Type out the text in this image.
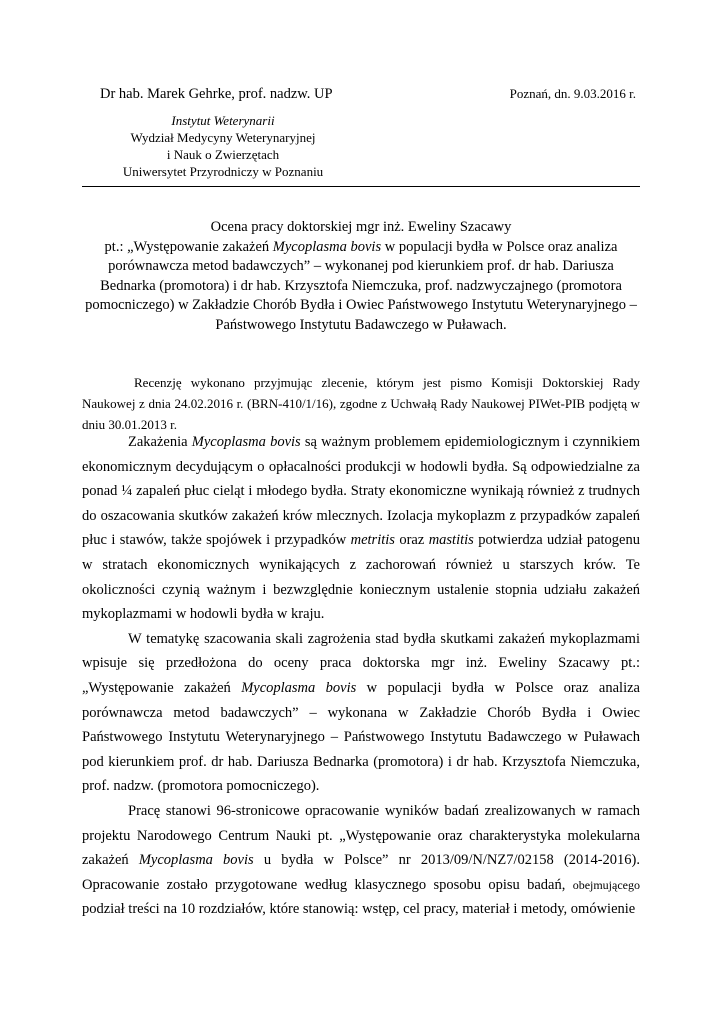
Dr hab. Marek Gehrke, prof. nadzw. UP	Poznań, dn. 9.03.2016 r.
Instytut Weterynarii
Wydział Medycyny Weterynaryjnej
i Nauk o Zwierzętach
Uniwersytet Przyrodniczy w Poznaniu
Ocena pracy doktorskiej mgr inż. Eweliny Szacawy
pt.: „Występowanie zakażeń Mycoplasma bovis w populacji bydła w Polsce oraz analiza porównawcza metod badawczych” – wykonanej pod kierunkiem prof. dr hab. Dariusza Bednarka (promotora) i dr hab. Krzysztofa Niemczuka, prof. nadzwyczajnego (promotora pomocniczego) w Zakładzie Chorób Bydła i Owiec Państwowego Instytutu Weterynaryjnego – Państwowego Instytutu Badawczego w Puławach.
Recenzję wykonano przyjmując zlecenie, którym jest pismo Komisji Doktorskiej Rady Naukowej z dnia 24.02.2016 r. (BRN-410/1/16), zgodne z Uchwałą Rady Naukowej PIWet-PIB podjętą w dniu 30.01.2013 r.

Zakażenia Mycoplasma bovis są ważnym problemem epidemiologicznym i czynnikiem ekonomicznym decydującym o opłacalności produkcji w hodowli bydła. Są odpowiedzialne za ponad ¼ zapaleń płuc cieląt i młodego bydła. Straty ekonomiczne wynikają również z trudnych do oszacowania skutków zakażeń krów mlecznych. Izolacja mykoplazm z przypadków zapaleń płuc i stawów, także spojówek i przypadków metritis oraz mastitis potwierdza udział patogenu w stratach ekonomicznych wynikających z zachorowań również u starszych krów. Te okoliczności czynią ważnym i bezwzględnie koniecznym ustalenie stopnia udziału zakażeń mykoplazmami w hodowli bydła w kraju.

W tematykę szacowania skali zagrożenia stad bydła skutkami zakażeń mykoplazmami wpisuje się przedłożona do oceny praca doktorska mgr inż. Eweliny Szacawy pt.: „Występowanie zakażeń Mycoplasma bovis w populacji bydła w Polsce oraz analiza porównawcza metod badawczych” – wykonana w Zakładzie Chorób Bydła i Owiec Państwowego Instytutu Weterynaryjnego – Państwowego Instytutu Badawczego w Puławach pod kierunkiem prof. dr hab. Dariusza Bednarka (promotora) i dr hab. Krzysztofa Niemczuka, prof. nadzw. (promotora pomocniczego).

Pracę stanowi 96-stronicowe opracowanie wyników badań zrealizowanych w ramach projektu Narodowego Centrum Nauki pt. „Występowanie oraz charakterystyka molekularna zakażeń Mycoplasma bovis u bydła w Polsce” nr 2013/09/N/NZ7/02158 (2014-2016). Opracowanie zostało przygotowane według klasycznego sposobu opisu badań, obejmującego podział treści na 10 rozdziałów, które stanowią: wstęp, cel pracy, materiał i metody, omówienie
